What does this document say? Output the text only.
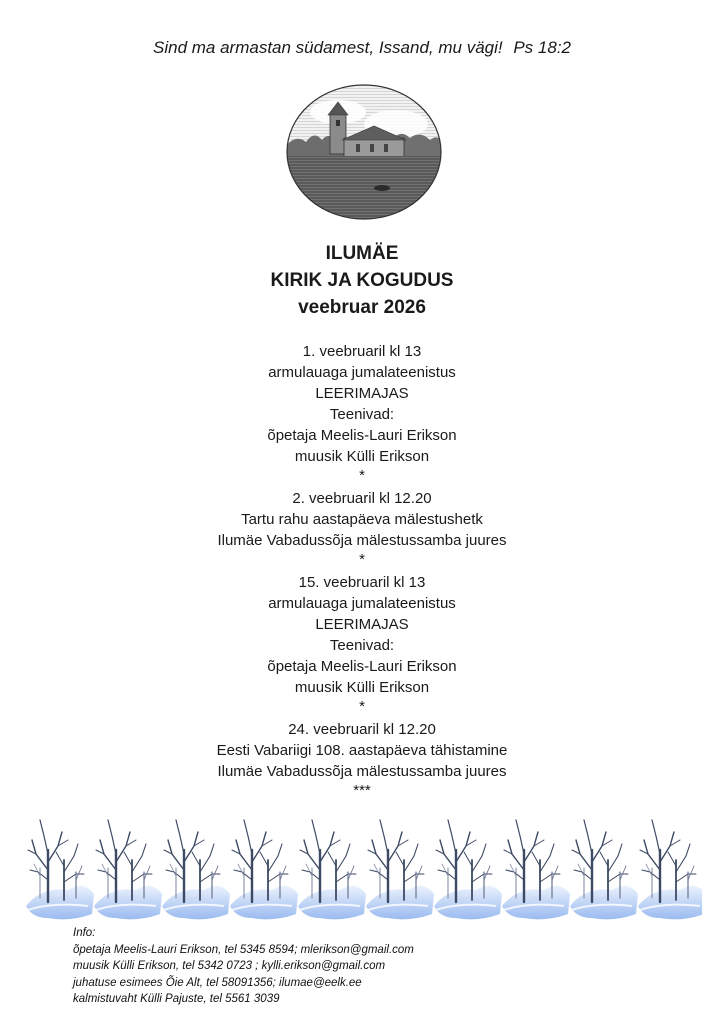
Sind ma armastan südamest, Issand, mu vägi! Ps 18:2
ILUMÄE
KIRIK JA KOGUDUS
veebruar 2026
1. veebruaril kl 13
armulauaga jumalateenistus
LEERIMAJAS
Teenivad:
õpetaja Meelis-Lauri Erikson
muusik Külli Erikson
*
2. veebruaril kl 12.20
Tartu rahu aastapäeva mälestushetk
Ilumäe Vabadussõja mälestussamba juures
*
15. veebruaril kl 13
armulauaga jumalateenistus
LEERIMAJAS
Teenivad:
õpetaja Meelis-Lauri Erikson
muusik Külli Erikson
*
24. veebruaril kl 12.20
Eesti Vabariigi 108. aastapäeva tähistamine
Ilumäe Vabadussõja mälestussamba juures
***
Info:
õpetaja Meelis-Lauri Erikson, tel 5345 8594; mlerikson@gmail.com
muusik Külli Erikson, tel 5342 0723 ; kylli.erikson@gmail.com
juhatuse esimees Õie Alt, tel 58091356; ilumae@eelk.ee
kalmistuvaht Külli Pajuste, tel 5561 3039
